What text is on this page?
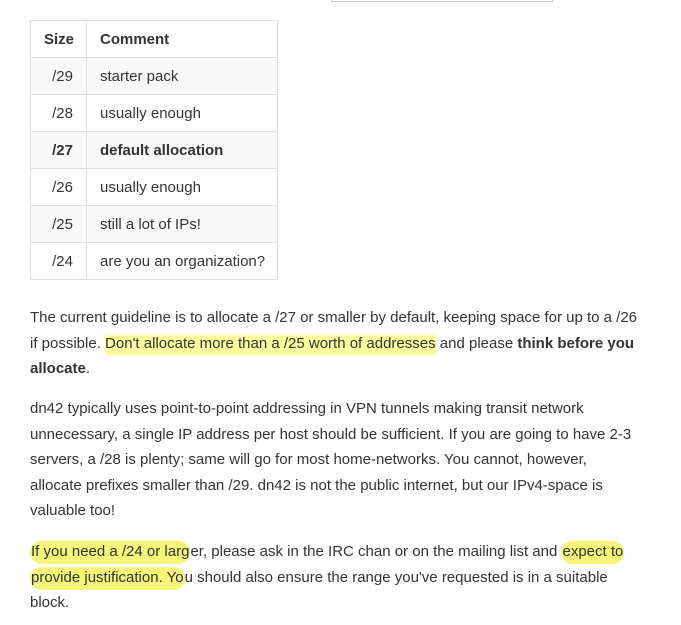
Size	Comment
/29	starter pack
/28	usually enough
/27	default allocation
/26	usually enough
/25	still a lot of IPs!
/24	are you an organization?

The current guideline is to allocate a /27 or smaller by default, keeping space for up to a /26 if possible. Don't allocate more than a /25 worth of addresses and please think before you allocate.

dn42 typically uses point-to-point addressing in VPN tunnels making transit network unnecessary, a single IP address per host should be sufficient. If you are going to have 2-3 servers, a /28 is plenty; same will go for most home-networks. You cannot, however, allocate prefixes smaller than /29. dn42 is not the public internet, but our IPv4-space is valuable too!

If you need a /24 or larger, please ask in the IRC chan or on the mailing list and expect to provide justification. You should also ensure the range you've requested is in a suitable block.
